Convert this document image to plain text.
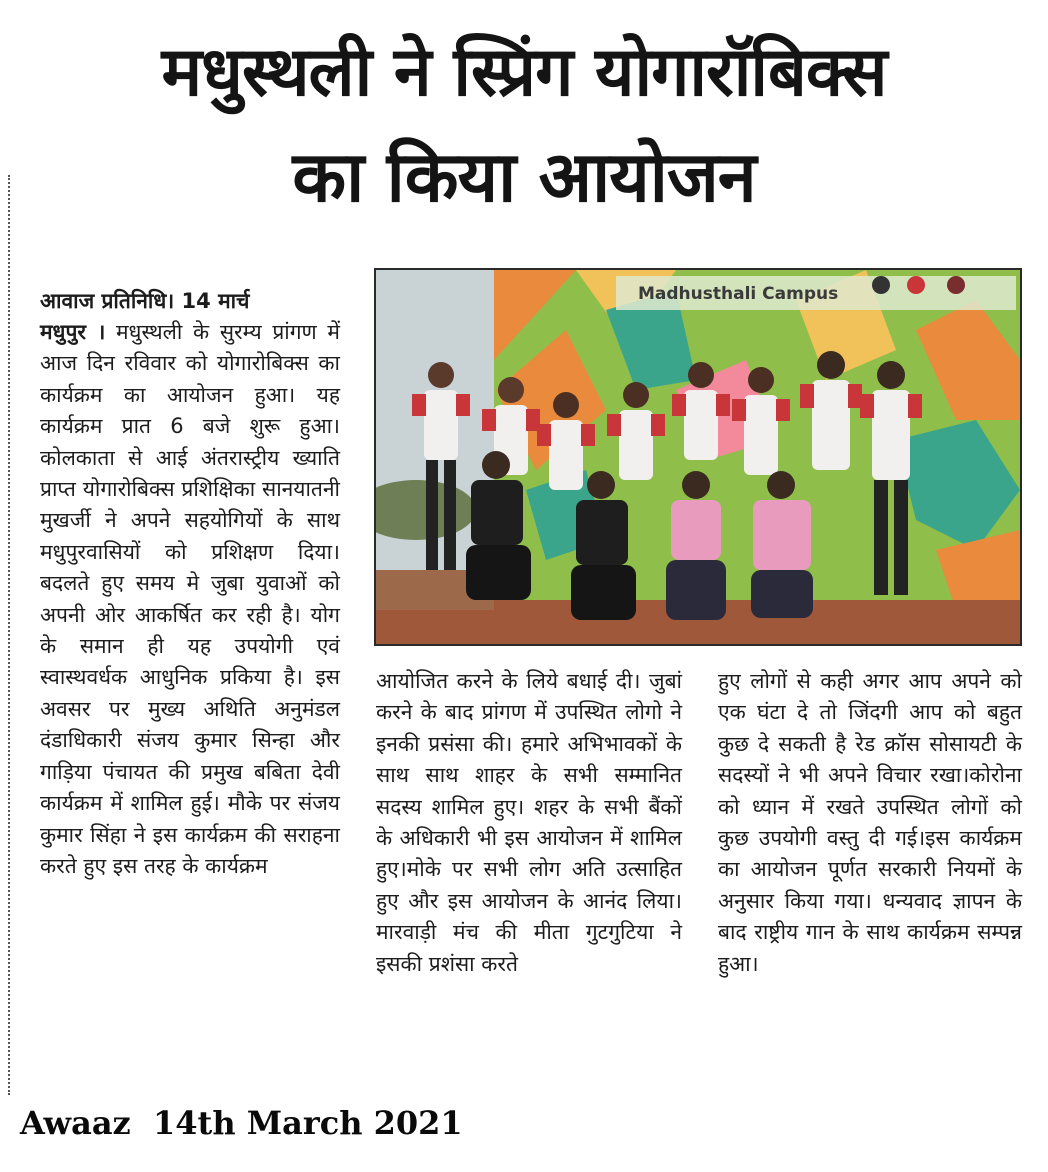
मधुस्थली ने स्प्रिंग योगारॉबिक्स
का किया आयोजन
आवाज प्रतिनिधि। 14 मार्च

मधुपुर । मधुस्थली के सुरम्य प्रांगण में आज दिन रविवार को योगारोबिक्स का कार्यक्रम का आयोजन हुआ। यह कार्यक्रम प्रात 6 बजे शुरू हुआ। कोलकाता से आई अंतरास्ट्रीय ख्याति प्राप्त योगारोबिक्स प्रशिक्षिका सानयातनी मुखर्जी ने अपने सहयोगियों के साथ मधुपुरवासियों को प्रशिक्षण दिया। बदलते हुए समय मे जुबा युवाओं को अपनी ओर आकर्षित कर रही है। योग के समान ही यह उपयोगी एवं स्वास्थवर्धक आधुनिक प्रकिया है। इस अवसर पर मुख्य अथिति अनुमंडल दंडाधिकारी संजय कुमार सिन्हा और गाड़िया पंचायत की प्रमुख बबिता देवी कार्यक्रम में शामिल हुई। मौके पर संजय कुमार सिंहा ने इस कार्यक्रम की सराहना करते हुए इस तरह के कार्यक्रम

Madhusthali Campus

आयोजित करने के लिये बधाई दी। जुबां करने के बाद प्रांगण में उपस्थित लोगो ने इनकी प्रसंसा की। हमारे अभिभावकों के साथ साथ शाहर के सभी सम्मानित सदस्य शामिल हुए। शहर के सभी बैंकों के अधिकारी भी इस आयोजन में शामिल हुए।मोके पर सभी लोग अति उत्साहित हुए और इस आयोजन के आनंद लिया। मारवाड़ी मंच की मीता गुटगुटिया ने इसकी प्रशंसा करते

हुए लोगों से कही अगर आप अपने को एक घंटा दे तो जिंदगी आप को बहुत कुछ दे सकती है रेड क्रॉस सोसायटी के सदस्यों ने भी अपने विचार रखा।कोरोना को ध्यान में रखते उपस्थित लोगों को कुछ उपयोगी वस्तु दी गई।इस कार्यक्रम का आयोजन पूर्णत सरकारी नियमों के अनुसार किया गया। धन्यवाद ज्ञापन के बाद राष्ट्रीय गान के साथ कार्यक्रम सम्पन्न हुआ।

Awaaz  14th March 2021
